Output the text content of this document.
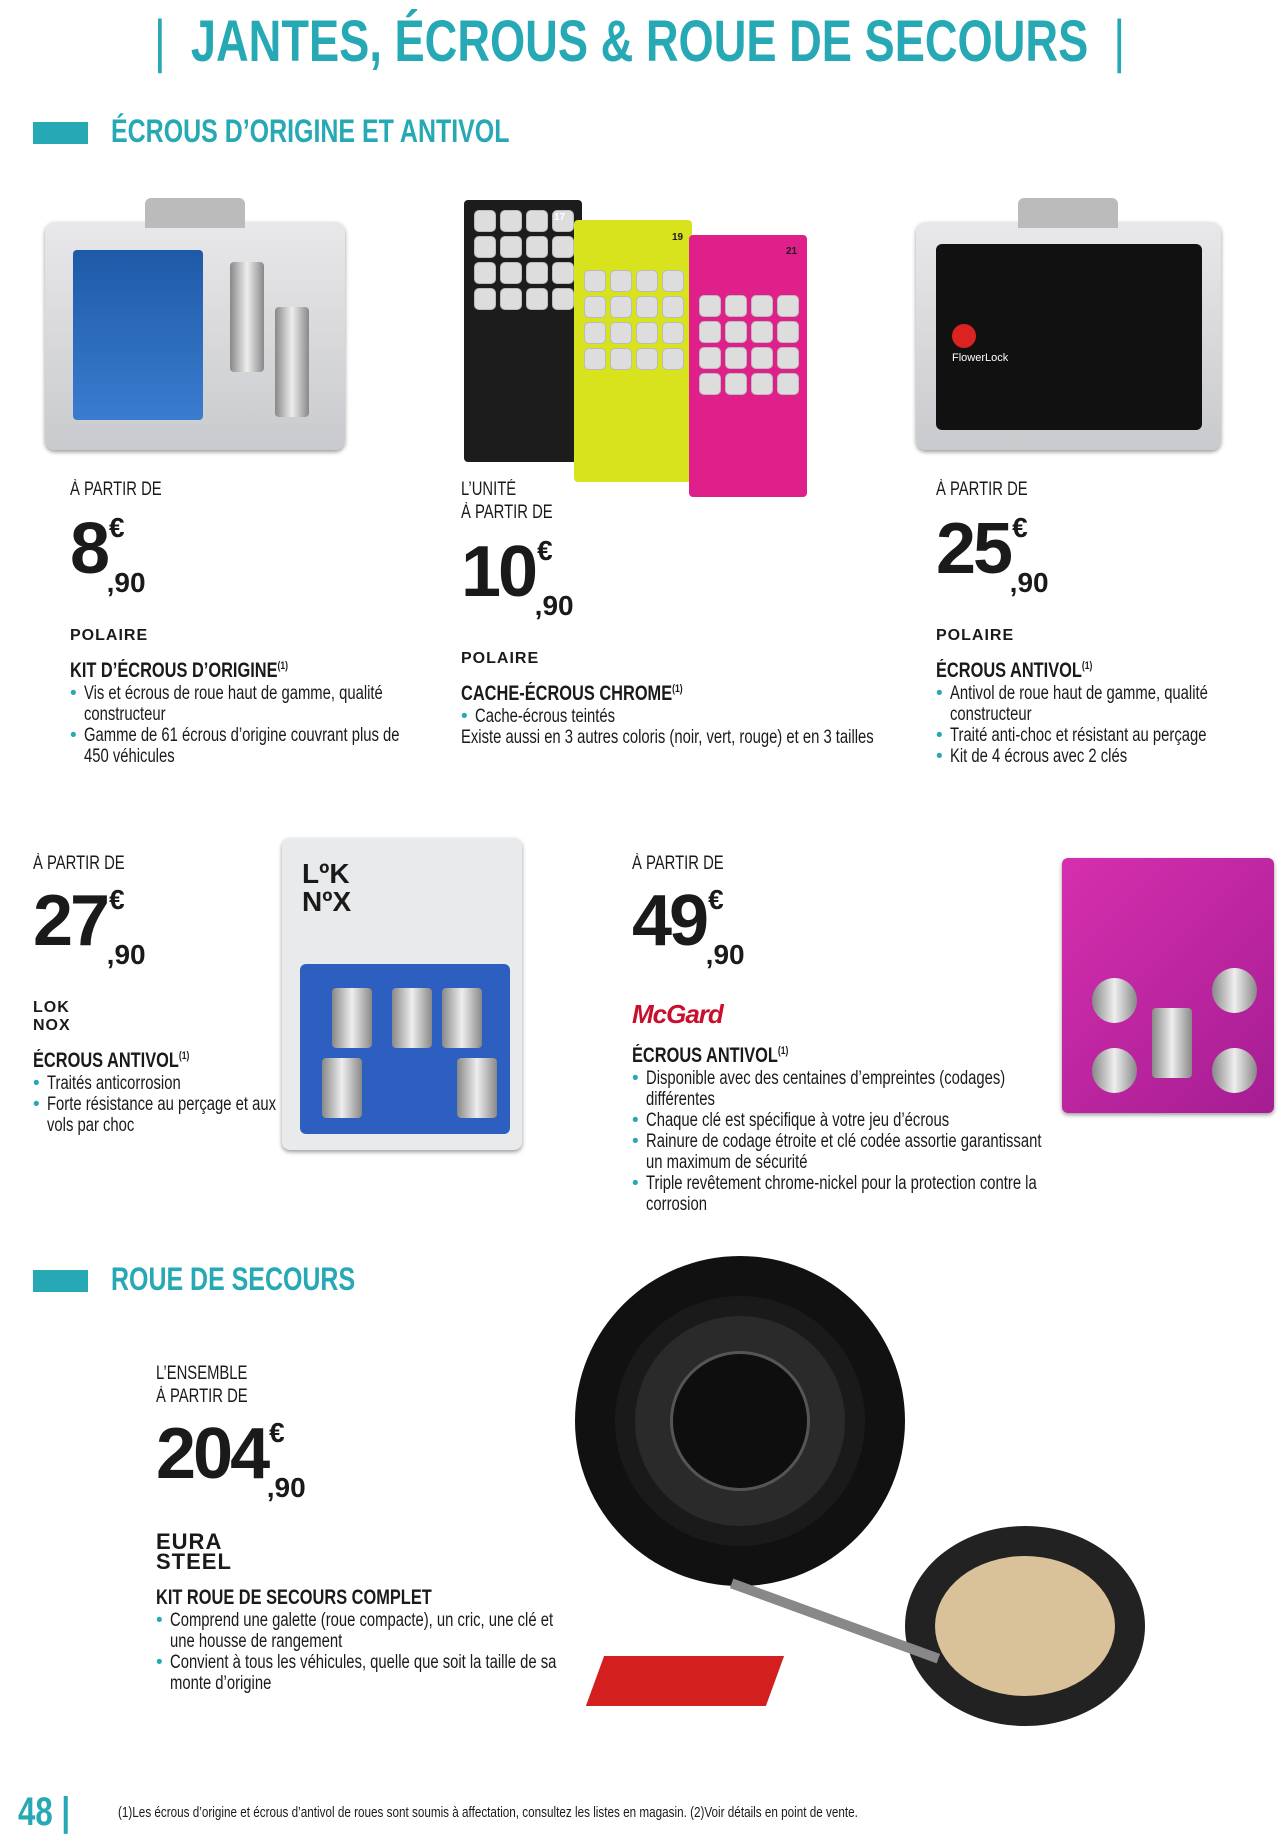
|  JANTES, ÉCROUS & ROUE DE SECOURS  |
ÉCROUS D’ORIGINE ET ANTIVOL
17
19
21
FlowerLock
À PARTIR DE
8 €
,90
POLAIRE
KIT D’ÉCROUS D’ORIGINE$^{(1)}$
• Vis et écrous de roue haut de gamme, qualité constructeur
• Gamme de 61 écrous d’origine couvrant plus de 450 véhicules
L’UNITÉ
À PARTIR DE
10 €
,90
POLAIRE
CACHE-ÉCROUS CHROME$^{(1)}$
• Cache-écrous teintés
Existe aussi en 3 autres coloris (noir, vert, rouge) et en 3 tailles
À PARTIR DE
25 €
,90
POLAIRE
ÉCROUS ANTIVOL$^{(1)}$
• Antivol de roue haut de gamme, qualité constructeur
• Traité anti-choc et résistant au perçage
• Kit de 4 écrous avec 2 clés
À PARTIR DE
27 €
,90
LOK NOX
ÉCROUS ANTIVOL$^{(1)}$
• Traités anticorrosion
• Forte résistance au perçage et aux vols par choc
LºK
NºX
À PARTIR DE
49 €
,90
McGard
ÉCROUS ANTIVOL$^{(1)}$
• Disponible avec des centaines d’empreintes (codages) différentes
• Chaque clé est spécifique à votre jeu d’écrous
• Rainure de codage étroite et clé codée assortie garantissant un maximum de sécurité
• Triple revêtement chrome-nickel pour la protection contre la corrosion
ROUE DE SECOURS
L’ENSEMBLE
À PARTIR DE
204 €
,90
EURA STEEL
KIT ROUE DE SECOURS COMPLET
• Comprend une galette (roue compacte), un cric, une clé et une housse de rangement
• Convient à tous les véhicules, quelle que soit la taille de sa monte d’origine
48 |	(1)Les écrous d’origine et écrous d’antivol de roues sont soumis à affectation, consultez les listes en magasin. (2)Voir détails en point de vente.
